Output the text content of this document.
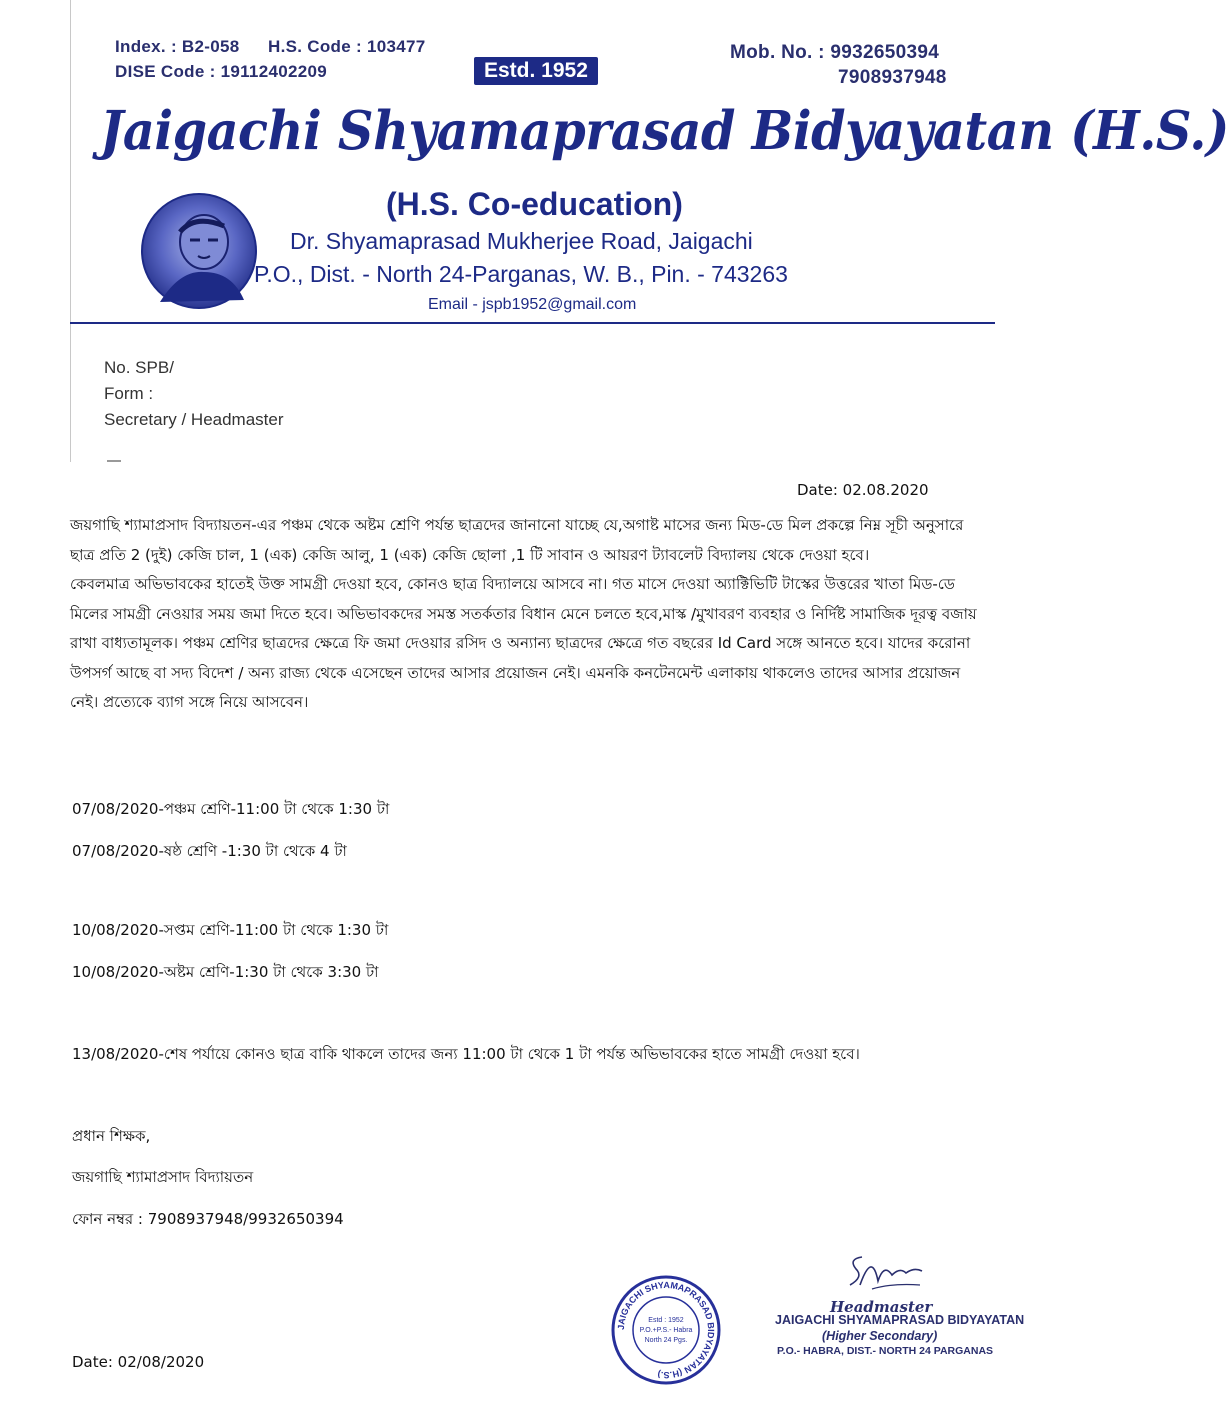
Index. : B2-058 H.S. Code : 103477
DISE Code : 19112402209	Estd. 1952
Mob. No. : 9932650394
7908937948
Jaigachi Shyamaprasad Bidyayatan (H.S.)
(H.S. Co-education)
Dr. Shyamaprasad Mukherjee Road, Jaigachi
P.O., Dist. - North 24-Parganas, W. B., Pin. - 743263
Email - jspb1952@gmail.com
No. SPB/
Form :
Secretary / Headmaster
Date: 02.08.2020
জয়গাছি শ্যামাপ্রসাদ বিদ্যায়তন-এর পঞ্চম থেকে অষ্টম শ্রেণি পর্যন্ত ছাত্রদের জানানো যাচ্ছে যে,অগাষ্ট মাসের জন্য মিড-ডে মিল প্রকল্পে নিম্ন সূচী অনুসারে ছাত্র প্রতি 2 (দুই) কেজি চাল, 1 (এক) কেজি আলু, 1 (এক) কেজি ছোলা ,1 টি সাবান ও আয়রণ ট্যাবলেট বিদ্যালয় থেকে দেওয়া হবে।
কেবলমাত্র অভিভাবকের হাতেই উক্ত সামগ্রী দেওয়া হবে, কোনও ছাত্র বিদ্যালয়ে আসবে না। গত মাসে দেওয়া অ্যাক্টিভিটি টাস্কের উত্তরের খাতা মিড-ডে মিলের সামগ্রী নেওয়ার সময় জমা দিতে হবে। অভিভাবকদের সমস্ত সতর্কতার বিধান মেনে চলতে হবে,মাস্ক /মুখাবরণ ব্যবহার ও নির্দিষ্ট সামাজিক দূরত্ব বজায় রাখা বাধ্যতামূলক। পঞ্চম শ্রেণির ছাত্রদের ক্ষেত্রে ফি জমা দেওয়ার রসিদ ও অন্যান্য ছাত্রদের ক্ষেত্রে গত বছরের Id Card সঙ্গে আনতে হবে। যাদের করোনা উপসর্গ আছে বা সদ্য বিদেশ / অন্য রাজ্য থেকে এসেছেন তাদের আসার প্রয়োজন নেই। এমনকি কনটেনমেন্ট এলাকায় থাকলেও তাদের আসার প্রয়োজন নেই। প্রত্যেকে ব্যাগ সঙ্গে নিয়ে আসবেন।
07/08/2020-পঞ্চম শ্রেণি-11:00 টা থেকে 1:30 টা
07/08/2020-ষষ্ঠ শ্রেণি -1:30 টা থেকে 4 টা
10/08/2020-সপ্তম শ্রেণি-11:00 টা থেকে 1:30 টা
10/08/2020-অষ্টম শ্রেণি-1:30 টা থেকে 3:30 টা
13/08/2020-শেষ পর্যায়ে কোনও ছাত্র বাকি থাকলে তাদের জন্য 11:00 টা থেকে 1 টা পর্যন্ত অভিভাবকের হাতে সামগ্রী দেওয়া হবে।
প্রধান শিক্ষক,
জয়গাছি শ্যামাপ্রসাদ বিদ্যায়তন
ফোন নম্বর : 7908937948/9932650394
JAIGACHI SHYAMAPRASAD BIDYAYATAN (H.S.)
Estd : 1952
P.O.+P.S.- Habra
North 24 Pgs.
Headmaster
JAIGACHI SHYAMAPRASAD BIDYAYATAN
(Higher Secondary)
P.O.- HABRA, DIST.- NORTH 24 PARGANAS
Date: 02/08/2020
